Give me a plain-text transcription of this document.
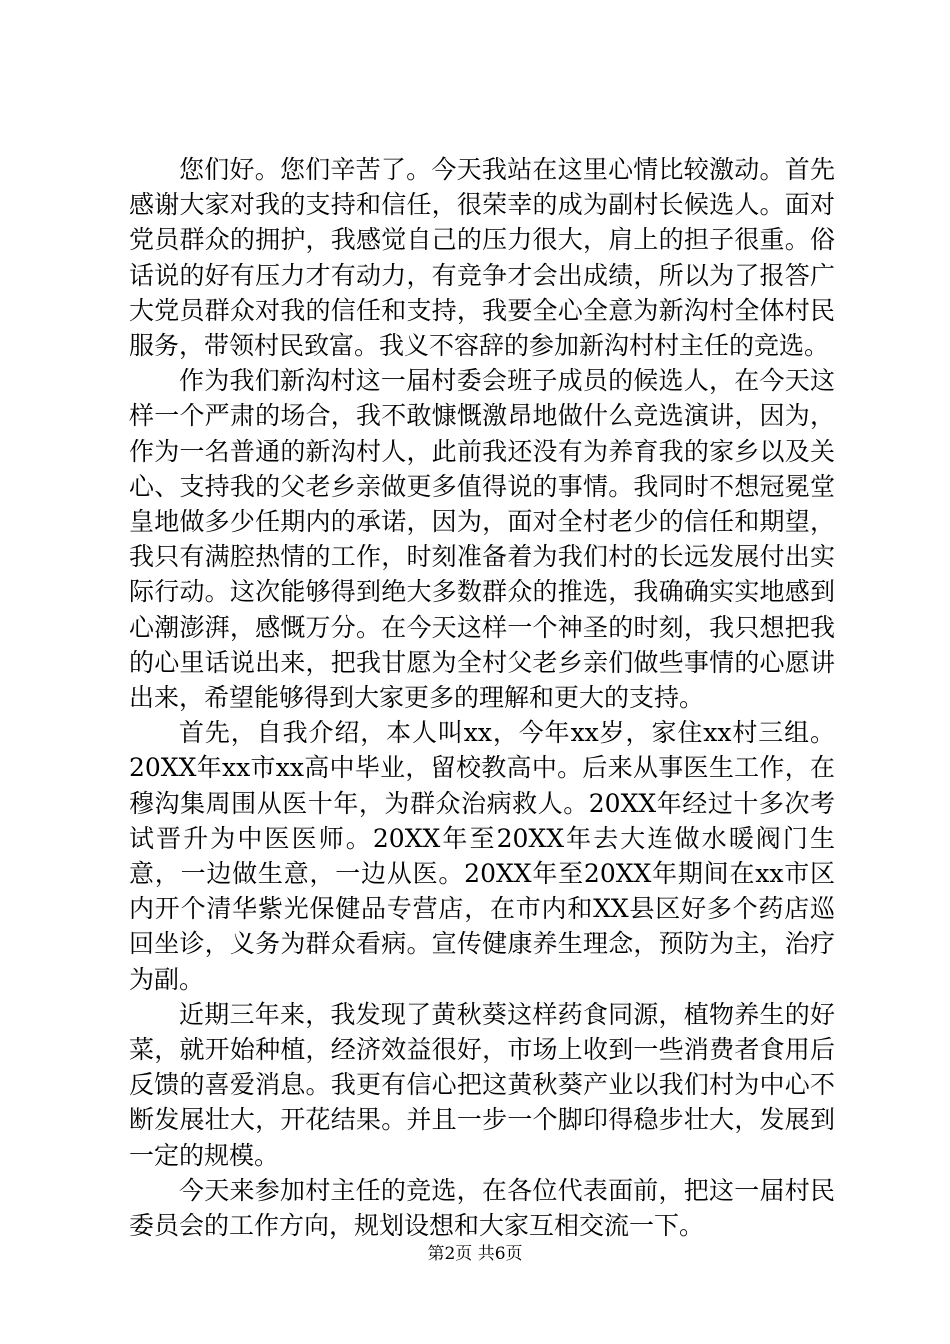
您们好。您们辛苦了。今天我站在这里心情比较激动。首先感谢大家对我的支持和信任，很荣幸的成为副村长候选人。面对党员群众的拥护，我感觉自己的压力很大，肩上的担子很重。俗话说的好有压力才有动力，有竞争才会出成绩，所以为了报答广大党员群众对我的信任和支持，我要全心全意为新沟村全体村民服务，带领村民致富。我义不容辞的参加新沟村村主任的竞选。

作为我们新沟村这一届村委会班子成员的候选人，在今天这样一个严肃的场合，我不敢慷慨激昂地做什么竞选演讲，因为，作为一名普通的新沟村人，此前我还没有为养育我的家乡以及关心、支持我的父老乡亲做更多值得说的事情。我同时不想冠冕堂皇地做多少任期内的承诺，因为，面对全村老少的信任和期望，我只有满腔热情的工作，时刻准备着为我们村的长远发展付出实际行动。这次能够得到绝大多数群众的推选，我确确实实地感到心潮澎湃，感慨万分。在今天这样一个神圣的时刻，我只想把我的心里话说出来，把我甘愿为全村父老乡亲们做些事情的心愿讲出来，希望能够得到大家更多的理解和更大的支持。

首先，自我介绍，本人叫xx，今年xx岁，家住xx村三组。20XX年xx市xx高中毕业，留校教高中。后来从事医生工作，在穆沟集周围从医十年，为群众治病救人。20XX年经过十多次考试晋升为中医医师。20XX年至20XX年去大连做水暖阀门生意，一边做生意，一边从医。20XX年至20XX年期间在xx市区内开个清华紫光保健品专营店，在市内和XX县区好多个药店巡回坐诊，义务为群众看病。宣传健康养生理念，预防为主，治疗为副。

近期三年来，我发现了黄秋葵这样药食同源，植物养生的好菜，就开始种植，经济效益很好，市场上收到一些消费者食用后反馈的喜爱消息。我更有信心把这黄秋葵产业以我们村为中心不断发展壮大，开花结果。并且一步一个脚印得稳步壮大，发展到一定的规模。

今天来参加村主任的竞选，在各位代表面前，把这一届村民委员会的工作方向，规划设想和大家互相交流一下。

第2页 共6页
